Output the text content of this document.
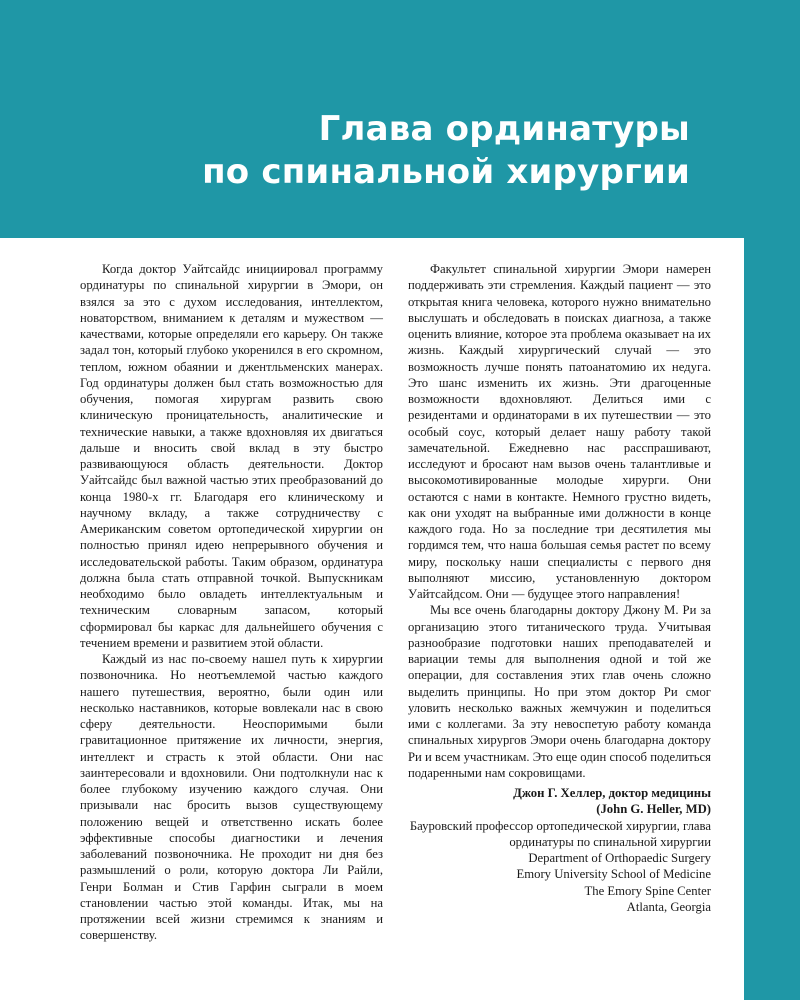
Глава ординатуры
по спинальной хирургии

Когда доктор Уайтсайдс инициировал программу ординатуры по спинальной хирургии в Эмори, он взялся за это с духом исследования, интеллектом, новаторством, вниманием к деталям и мужеством — качествами, которые определяли его карьеру. Он также задал тон, который глубоко укоренился в его скромном, теплом, южном обаянии и джентльменских манерах. Год ординатуры должен был стать возможностью для обучения, помогая хирургам развить свою клиническую проницательность, аналитические и технические навыки, а также вдохновляя их двигаться дальше и вносить свой вклад в эту быстро развивающуюся область деятельности. Доктор Уайтсайдс был важной частью этих преобразований до конца 1980-х гг. Благодаря его клиническому и научному вкладу, а также сотрудничеству с Американским советом ортопедической хирургии он полностью принял идею непрерывного обучения и исследовательской работы. Таким образом, ординатура должна была стать отправной точкой. Выпускникам необходимо было овладеть интеллектуальным и техническим словарным запасом, который сформировал бы каркас для дальнейшего обучения с течением времени и развитием этой области.

Каждый из нас по-своему нашел путь к хирургии позвоночника. Но неотъемлемой частью каждого нашего путешествия, вероятно, были один или несколько наставников, которые вовлекали нас в свою сферу деятельности. Неоспоримыми были гравитационное притяжение их личности, энергия, интеллект и страсть к этой области. Они нас заинтересовали и вдохновили. Они подтолкнули нас к более глубокому изучению каждого случая. Они призывали нас бросить вызов существующему положению вещей и ответственно искать более эффективные способы диагностики и лечения заболеваний позвоночника. Не проходит ни дня без размышлений о роли, которую доктора Ли Райли, Генри Болман и Стив Гарфин сыграли в моем становлении частью этой команды. Итак, мы на протяжении всей жизни стремимся к знаниям и совершенству.

Факультет спинальной хирургии Эмори намерен поддерживать эти стремления. Каждый пациент — это открытая книга человека, которого нужно внимательно выслушать и обследовать в поисках диагноза, а также оценить влияние, которое эта проблема оказывает на их жизнь. Каждый хирургический случай — это возможность лучше понять патоанатомию их недуга. Это шанс изменить их жизнь. Эти драгоценные возможности вдохновляют. Делиться ими с резидентами и ординаторами в их путешествии — это особый соус, который делает нашу работу такой замечательной. Ежедневно нас расспрашивают, исследуют и бросают нам вызов очень талантливые и высокомотивированные молодые хирурги. Они остаются с нами в контакте. Немного грустно видеть, как они уходят на выбранные ими должности в конце каждого года. Но за последние три десятилетия мы гордимся тем, что наша большая семья растет по всему миру, поскольку наши специалисты с первого дня выполняют миссию, установленную доктором Уайтсайдсом. Они — будущее этого направления!

Мы все очень благодарны доктору Джону М. Ри за организацию этого титанического труда. Учитывая разнообразие подготовки наших преподавателей и вариации темы для выполнения одной и той же операции, для составления этих глав очень сложно выделить принципы. Но при этом доктор Ри смог уловить несколько важных жемчужин и поделиться ими с коллегами. За эту невоспетую работу команда спинальных хирургов Эмори очень благодарна доктору Ри и всем участникам. Это еще один способ поделиться подаренными нам сокровищами.

Джон Г. Хеллер, доктор медицины
(John G. Heller, MD)
Бауровский профессор ортопедической хирургии, глава ординатуры по спинальной хирургии
Department of Orthopaedic Surgery
Emory University School of Medicine
The Emory Spine Center
Atlanta, Georgia
